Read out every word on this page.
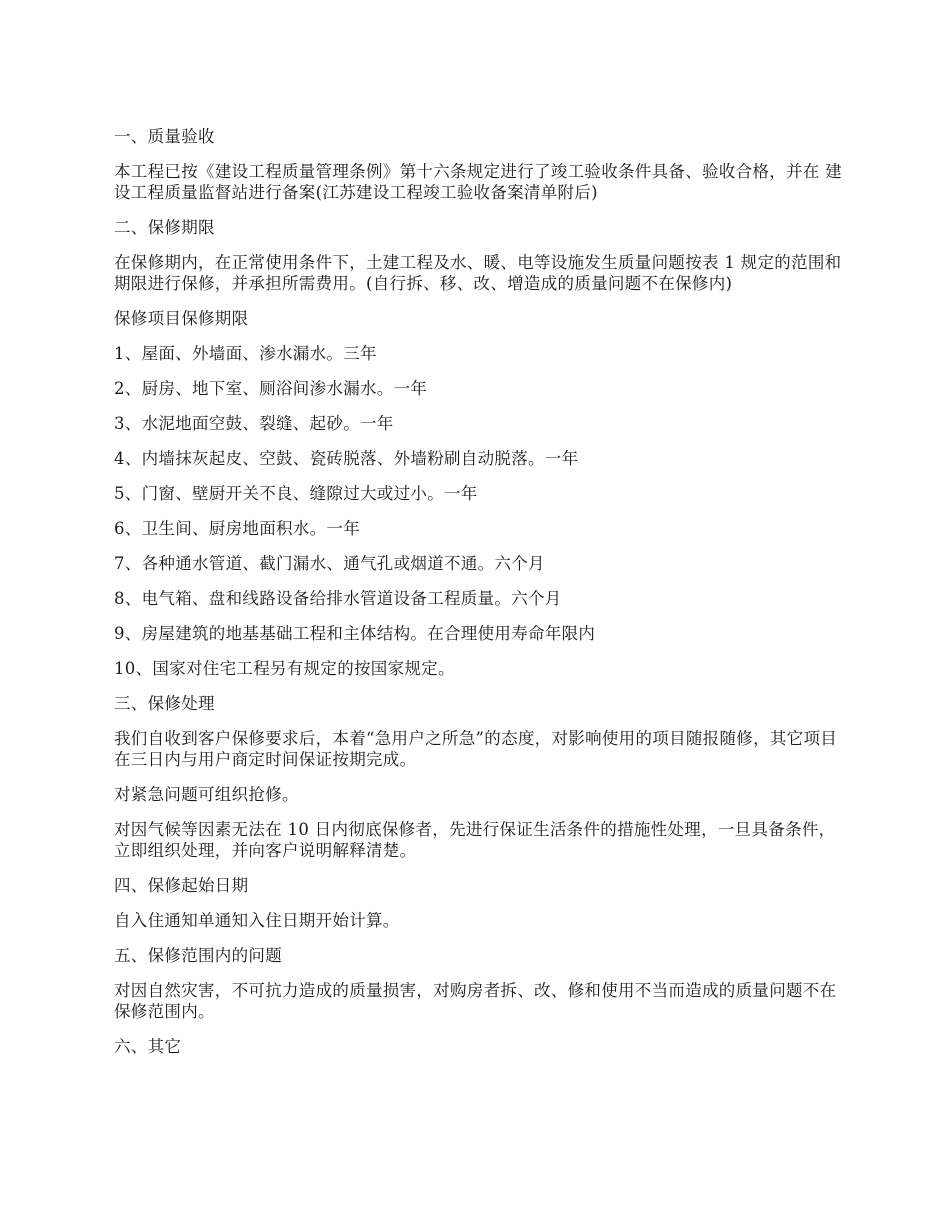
一、质量验收

本工程已按《建设工程质量管理条例》第十六条规定进行了竣工验收条件具备、验收合格，并在 建设工程质量监督站进行备案(江苏建设工程竣工验收备案清单附后)

二、保修期限

在保修期内，在正常使用条件下，土建工程及水、暖、电等设施发生质量问题按表 1 规定的范围和期限进行保修，并承担所需费用。(自行拆、移、改、增造成的质量问题不在保修内)

保修项目保修期限

1、屋面、外墙面、渗水漏水。三年

2、厨房、地下室、厕浴间渗水漏水。一年

3、水泥地面空鼓、裂缝、起砂。一年

4、内墙抹灰起皮、空鼓、瓷砖脱落、外墙粉刷自动脱落。一年

5、门窗、壁厨开关不良、缝隙过大或过小。一年

6、卫生间、厨房地面积水。一年

7、各种通水管道、截门漏水、通气孔或烟道不通。六个月

8、电气箱、盘和线路设备给排水管道设备工程质量。六个月

9、房屋建筑的地基基础工程和主体结构。在合理使用寿命年限内

10、国家对住宅工程另有规定的按国家规定。

三、保修处理

我们自收到客户保修要求后，本着“急用户之所急”的态度，对影响使用的项目随报随修，其它项目在三日内与用户商定时间保证按期完成。

对紧急问题可组织抢修。

对因气候等因素无法在 10 日内彻底保修者，先进行保证生活条件的措施性处理，一旦具备条件，立即组织处理，并向客户说明解释清楚。

四、保修起始日期

自入住通知单通知入住日期开始计算。

五、保修范围内的问题

对因自然灾害，不可抗力造成的质量损害，对购房者拆、改、修和使用不当而造成的质量问题不在保修范围内。

六、其它
